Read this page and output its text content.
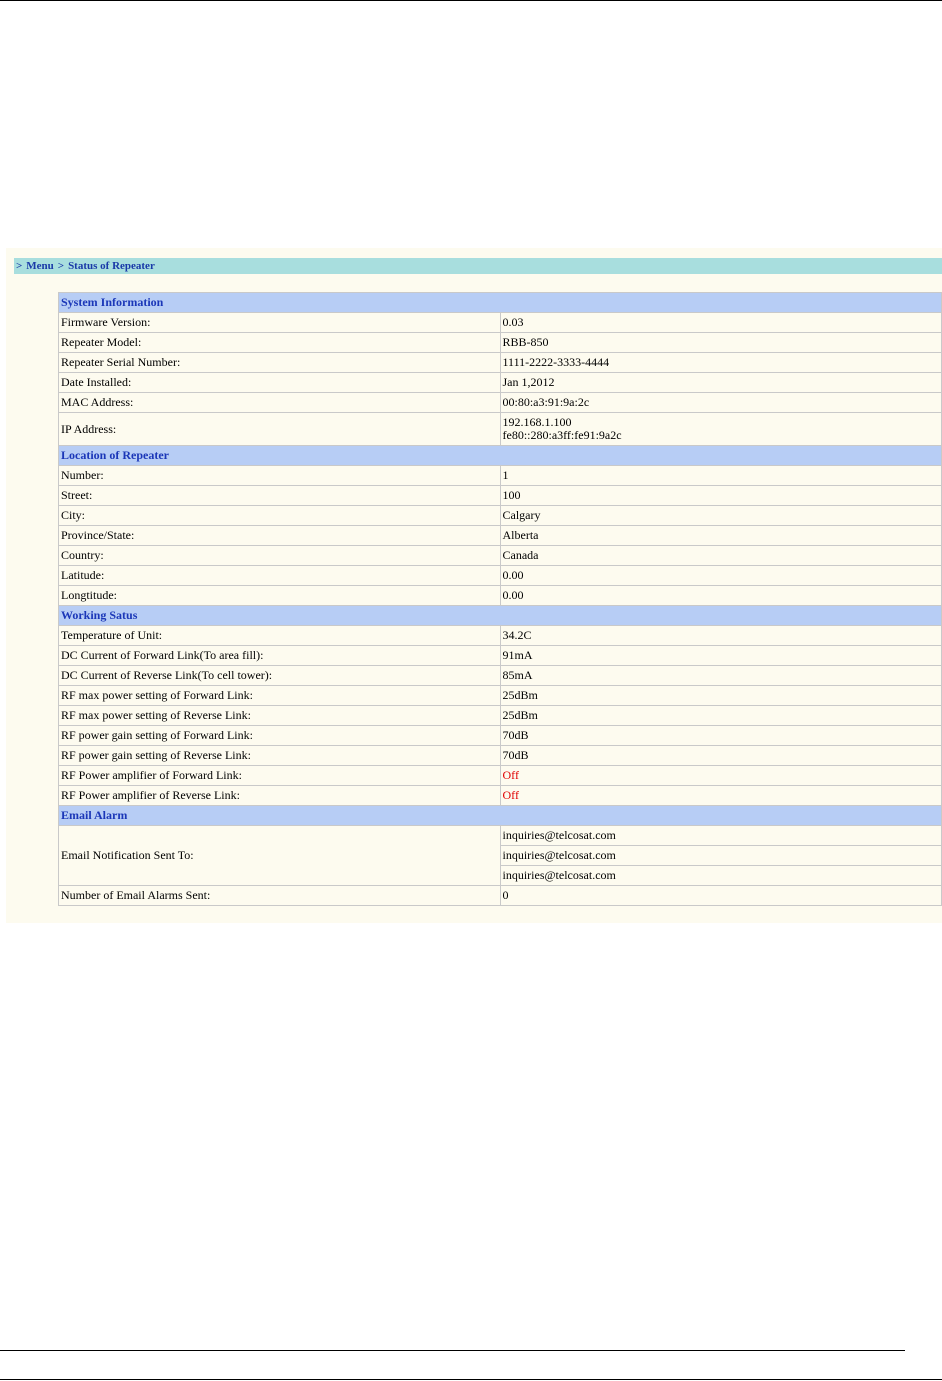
> Menu > Status of Repeater
System Information	
Firmware Version:	0.03
Repeater Model:	RBB-850
Repeater Serial Number:	1111-2222-3333-4444
Date Installed:	Jan 1,2012
MAC Address:	00:80:a3:91:9a:2c
IP Address:	192.168.1.100
fe80::280:a3ff:fe91:9a2c

Location of Repeater	
Number:	1
Street:	100
City:	Calgary
Province/State:	Alberta
Country:	Canada
Latitude:	0.00
Longtitude:	0.00
Working Satus	
Temperature of Unit:	34.2C
DC Current of Forward Link(To area fill):	91mA
DC Current of Reverse Link(To cell tower):	85mA
RF max power setting of Forward Link:	25dBm
RF max power setting of Reverse Link:	25dBm
RF power gain setting of Forward Link:	70dB
RF power gain setting of Reverse Link:	70dB
RF Power amplifier of Forward Link:	Off
RF Power amplifier of Reverse Link:	Off
Email Alarm	
Email Notification Sent To:	inquiries@telcosat.com
	inquiries@telcosat.com
	inquiries@telcosat.com
Number of Email Alarms Sent:	0
